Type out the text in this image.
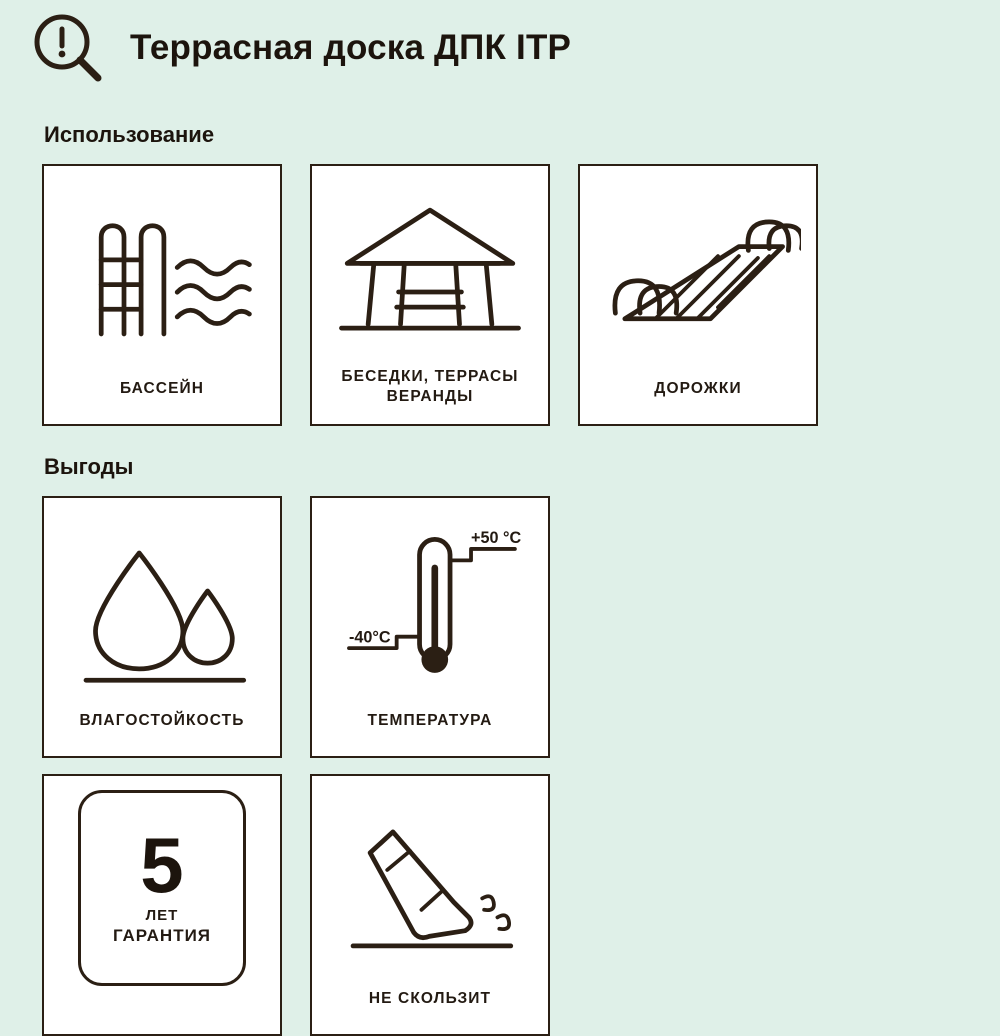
Террасная доска ДПК ITP
Использование
БАССЕЙН
БЕСЕДКИ, ТЕРРАСЫ
ВЕРАНДЫ	ДОРОЖКИ
Выгоды
ВЛАГОСТОЙКОСТЬ
+50 °C
-40°C
ТЕМПЕРАТУРА
5
ЛЕТ
ГАРАНТИЯ
НЕ СКОЛЬЗИТ
